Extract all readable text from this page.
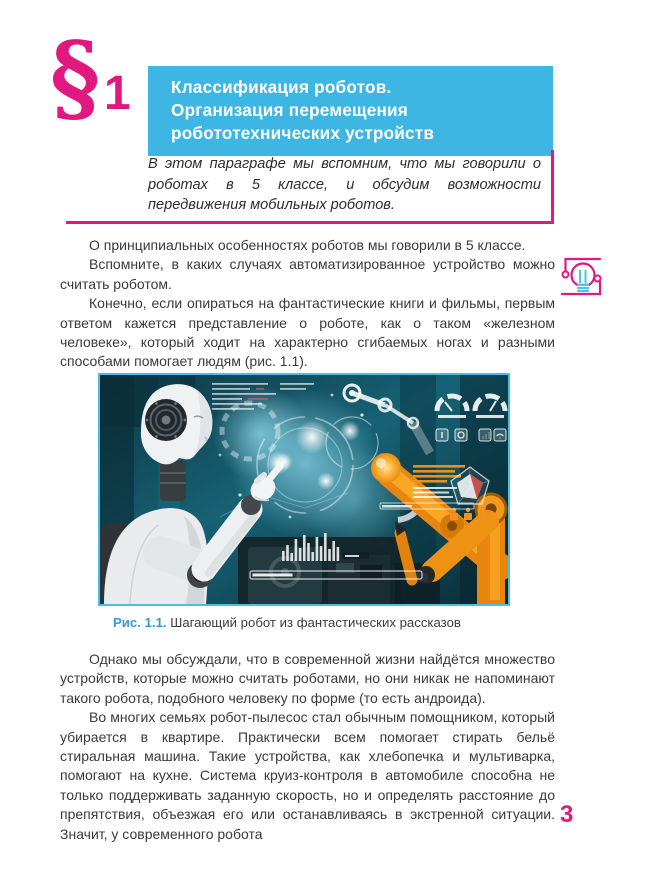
§ 1 Классификация роботов.
Организация перемещения
робототехнических устройств
В этом параграфе мы вспомним, что мы говорили о роботах в 5 классе, и обсудим возможности передвижения мобильных роботов.

О принципиальных особенностях роботов мы говорили в 5 классе.

Вспомните, в каких случаях автоматизированное устройство можно считать роботом.

Конечно, если опираться на фантастические книги и фильмы, первым ответом кажется представление о роботе, как о таком «железном человеке», который ходит на характерно сгибаемых ногах и разными способами помогает людям (рис. 1.1).

Рис. 1.1. Шагающий робот из фантастических рассказов

Однако мы обсуждали, что в современной жизни найдётся множество устройств, которые можно считать роботами, но они никак не напоминают такого робота, подобного человеку по форме (то есть андроида).

Во многих семьях робот-пылесос стал обычным помощником, который убирается в квартире. Практически всем помогает стирать бельё стиральная машина. Такие устройства, как хлебопечка и мультиварка, помогают на кухне. Система круиз-контроля в автомобиле способна не только поддерживать заданную скорость, но и определять расстояние до препятствия, объезжая его или останавливаясь в экстренной ситуации. Значит, у современного робота

3
